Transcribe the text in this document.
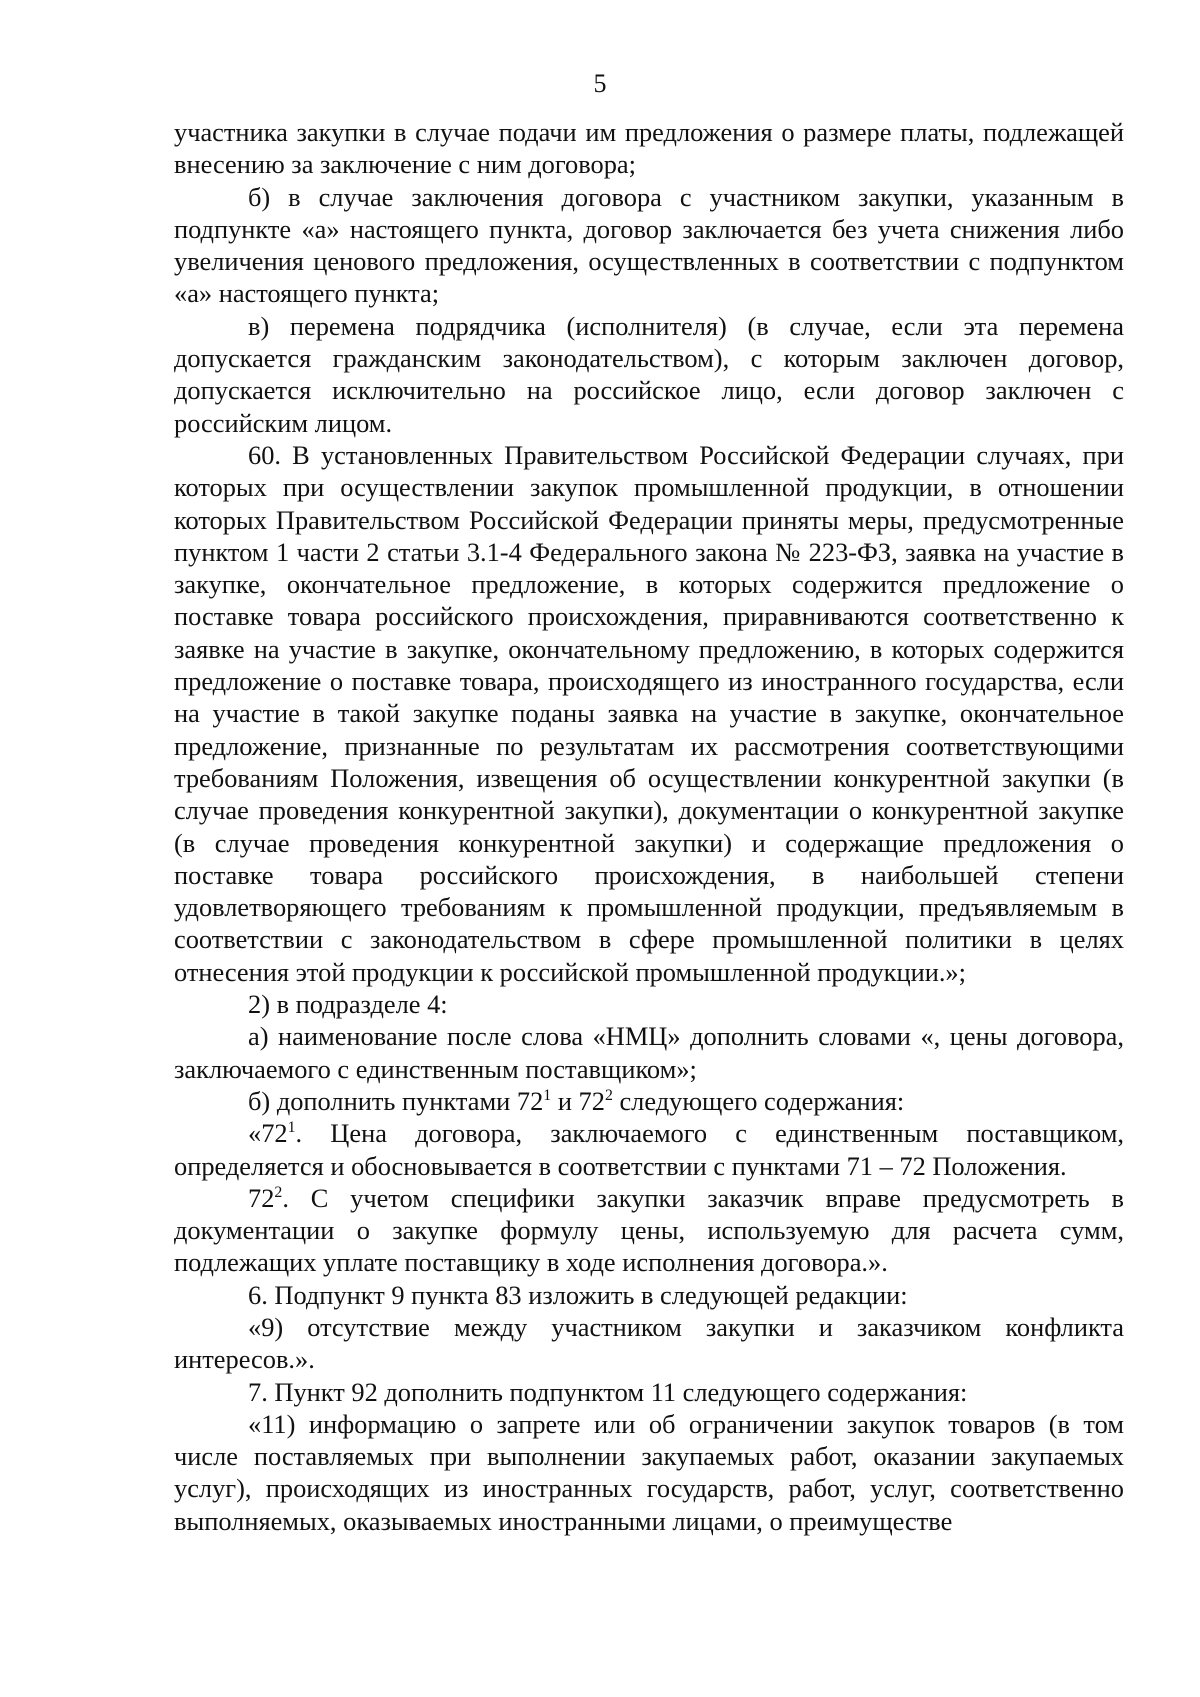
5

участника закупки в случае подачи им предложения о размере платы, подлежащей внесению за заключение с ним договора;

б) в случае заключения договора с участником закупки, указанным в подпункте «а» настоящего пункта, договор заключается без учета снижения либо увеличения ценового предложения, осуществленных в соответствии с подпунктом «а» настоящего пункта;

в) перемена подрядчика (исполнителя) (в случае, если эта перемена допускается гражданским законодательством), с которым заключен договор, допускается исключительно на российское лицо, если договор заключен с российским лицом.

60. В установленных Правительством Российской Федерации случаях, при которых при осуществлении закупок промышленной продукции, в отношении которых Правительством Российской Федерации приняты меры, предусмотренные пунктом 1 части 2 статьи 3.1-4 Федерального закона № 223-ФЗ, заявка на участие в закупке, окончательное предложение, в которых содержится предложение о поставке товара российского происхождения, приравниваются соответственно к заявке на участие в закупке, окончательному предложению, в которых содержится предложение о поставке товара, происходящего из иностранного государства, если на участие в такой закупке поданы заявка на участие в закупке, окончательное предложение, признанные по результатам их рассмотрения соответствующими требованиям Положения, извещения об осуществлении конкурентной закупки (в случае проведения конкурентной закупки), документации о конкурентной закупке (в случае проведения конкурентной закупки) и содержащие предложения о поставке товара российского происхождения, в наибольшей степени удовлетворяющего требованиям к промышленной продукции, предъявляемым в соответствии с законодательством в сфере промышленной политики в целях отнесения этой продукции к российской промышленной продукции.»;

2) в подразделе 4:

а) наименование после слова «НМЦ» дополнить словами «, цены договора, заключаемого с единственным поставщиком»;

б) дополнить пунктами $72^1$ и $72^2$ следующего содержания:

«$72^1$. Цена договора, заключаемого с единственным поставщиком, определяется и обосновывается в соответствии с пунктами 71 – 72 Положения.

$72^2$. С учетом специфики закупки заказчик вправе предусмотреть в документации о закупке формулу цены, используемую для расчета сумм, подлежащих уплате поставщику в ходе исполнения договора.».

6. Подпункт 9 пункта 83 изложить в следующей редакции:

«9) отсутствие между участником закупки и заказчиком конфликта интересов.».

7. Пункт 92 дополнить подпунктом 11 следующего содержания:

«11) информацию о запрете или об ограничении закупок товаров (в том числе поставляемых при выполнении закупаемых работ, оказании закупаемых услуг), происходящих из иностранных государств, работ, услуг, соответственно выполняемых, оказываемых иностранными лицами, о преимуществе
